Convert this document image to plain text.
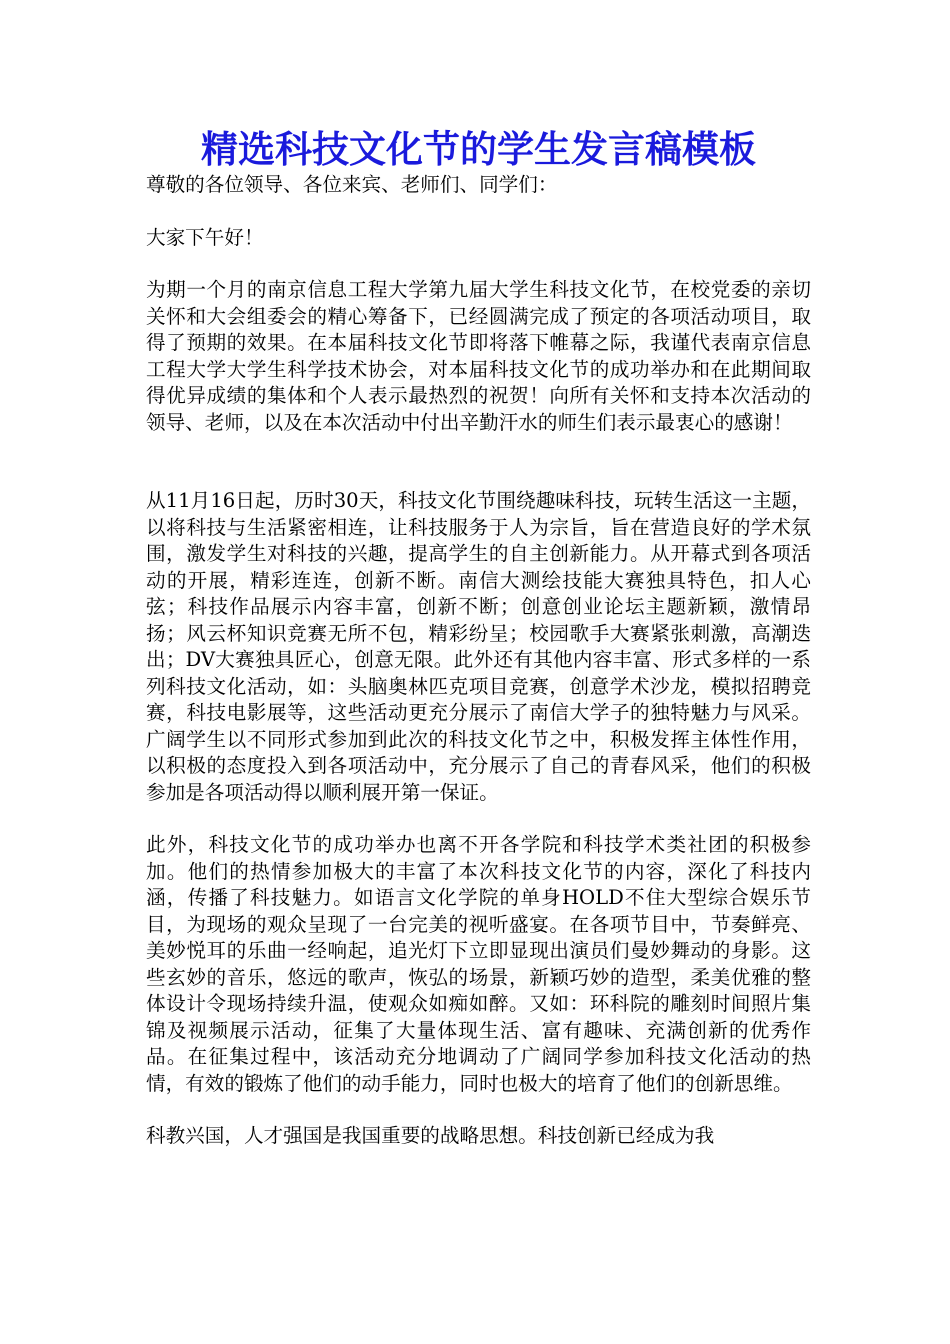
精选科技文化节的学生发言稿模板

尊敬的各位领导、各位来宾、老师们、同学们：

大家下午好！

为期一个月的南京信息工程大学第九届大学生科技文化节，在校党委的亲切关怀和大会组委会的精心筹备下，已经圆满完成了预定的各项活动项目，取得了预期的效果。在本届科技文化节即将落下帷幕之际，我谨代表南京信息工程大学大学生科学技术协会，对本届科技文化节的成功举办和在此期间取得优异成绩的集体和个人表示最热烈的祝贺！向所有关怀和支持本次活动的领导、老师，以及在本次活动中付出辛勤汗水的师生们表示最衷心的感谢！

从11月16日起，历时30天，科技文化节围绕趣味科技，玩转生活这一主题，以将科技与生活紧密相连，让科技服务于人为宗旨，旨在营造良好的学术氛围，激发学生对科技的兴趣，提高学生的自主创新能力。从开幕式到各项活动的开展，精彩连连，创新不断。南信大测绘技能大赛独具特色，扣人心弦；科技作品展示内容丰富，创新不断；创意创业论坛主题新颖，激情昂扬；风云杯知识竞赛无所不包，精彩纷呈；校园歌手大赛紧张刺激，高潮迭出；DV大赛独具匠心，创意无限。此外还有其他内容丰富、形式多样的一系列科技文化活动，如：头脑奥林匹克项目竞赛，创意学术沙龙，模拟招聘竞赛，科技电影展等，这些活动更充分展示了南信大学子的独特魅力与风采。广阔学生以不同形式参加到此次的科技文化节之中，积极发挥主体性作用，以积极的态度投入到各项活动中，充分展示了自己的青春风采，他们的积极参加是各项活动得以顺利展开第一保证。

此外，科技文化节的成功举办也离不开各学院和科技学术类社团的积极参加。他们的热情参加极大的丰富了本次科技文化节的内容，深化了科技内涵，传播了科技魅力。如语言文化学院的单身HOLD不住大型综合娱乐节目，为现场的观众呈现了一台完美的视听盛宴。在各项节目中，节奏鲜亮、美妙悦耳的乐曲一经响起，追光灯下立即显现出演员们曼妙舞动的身影。这些玄妙的音乐，悠远的歌声，恢弘的场景，新颖巧妙的造型，柔美优雅的整体设计令现场持续升温，使观众如痴如醉。又如：环科院的雕刻时间照片集锦及视频展示活动，征集了大量体现生活、富有趣味、充满创新的优秀作品。在征集过程中，该活动充分地调动了广阔同学参加科技文化活动的热情，有效的锻炼了他们的动手能力，同时也极大的培育了他们的创新思维。

科教兴国，人才强国是我国重要的战略思想。科技创新已经成为我
